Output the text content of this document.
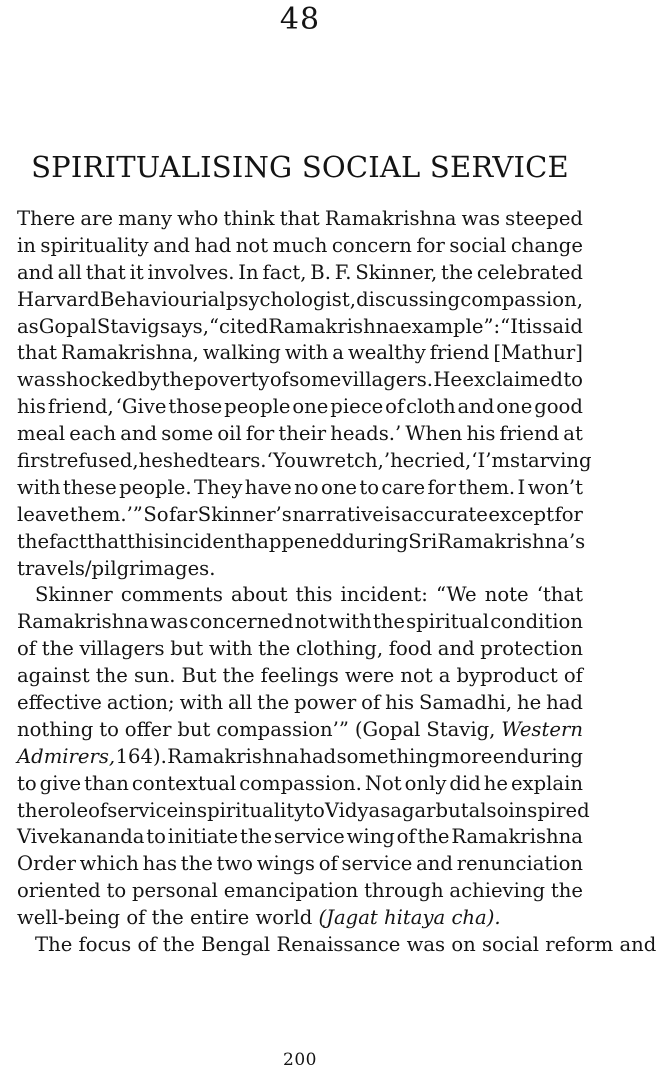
48
SPIRITUALISING SOCIAL SERVICE
There are many who think that Ramakrishna was steeped
in spirituality and had not much concern for social change
and all that it involves. In fact, B. F. Skinner, the celebrated
Harvard Behaviourial psychologist, discussing compassion,
as Gopal Stavig says, “cited Ramakrishna example”: “It is said
that Ramakrishna, walking with a wealthy friend [Mathur]
was shocked by the poverty of some villagers. He exclaimed to
his friend, ‘Give those people one piece of cloth and one good
meal each and some oil for their heads.’ When his friend at
first refused, he shed tears. ‘You wretch,’ he cried, ‘I’m starving
with these people. They have no one to care for them. I won’t
leave them.’” So far Skinner’s narrative is accurate except for
the fact that this incident happened during Sri Ramakrishna’s
travels/pilgrimages.
Skinner comments about this incident: “We note ‘that
Ramakrishna was concerned not with the spiritual condition
of the villagers but with the clothing, food and protection
against the sun. But the feelings were not a byproduct of
effective action; with all the power of his Samadhi, he had
nothing to offer but compassion’” (Gopal Stavig, Western
Admirers, 164). Ramakrishna had something more enduring
to give than contextual compassion. Not only did he explain
the role of service in spirituality to Vidyasagar but also inspired
Vivekananda to initiate the service wing of the Ramakrishna
Order which has the two wings of service and renunciation
oriented to personal emancipation through achieving the
well-being of the entire world (Jagat hitaya cha).
The focus of the Bengal Renaissance was on social reform and
200
